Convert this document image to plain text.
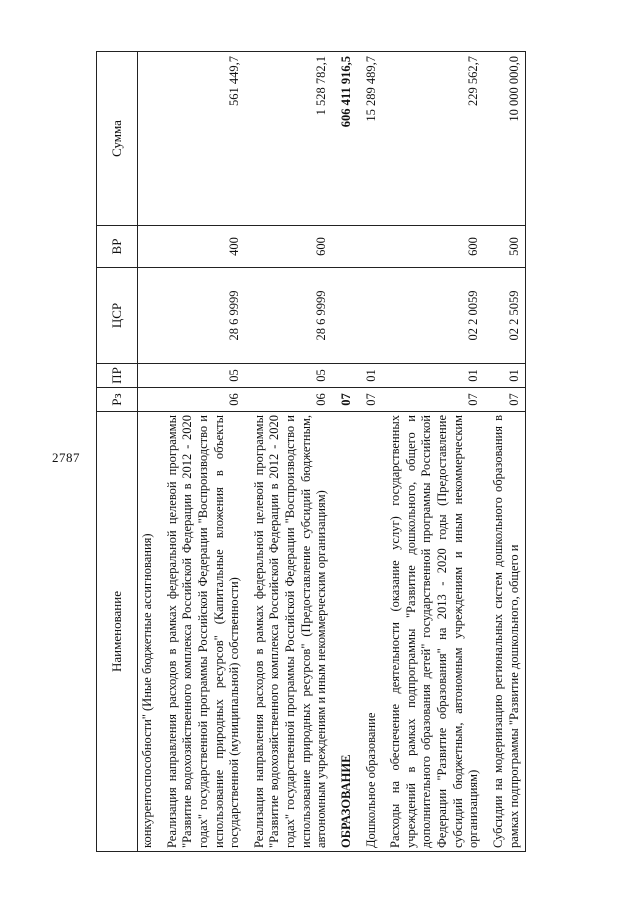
2787
Наименование	Рз	ПР	ЦСР	ВР	Сумма
конкурентоспособности" (Иные бюджетные ассигнования)					
Реализация направления расходов в рамках федеральной целевой программы "Развитие водохозяйственного комплекса Российской Федерации в 2012 - 2020 годах" государственной программы Российской Федерации "Воспроизводство и использование природных ресурсов" (Капитальные вложения в объекты государственной (муниципальной) собственности)	06	05	28 6 9999	400	561 449,7
Реализация направления расходов в рамках федеральной целевой программы "Развитие водохозяйственного комплекса Российской Федерации в 2012 - 2020 годах" государственной программы Российской Федерации "Воспроизводство и использование природных ресурсов" (Предоставление субсидий бюджетным, автономным учреждениям и иным некоммерческим организациям)	06	05	28 6 9999	600	1 528 782,1
ОБРАЗОВАНИЕ	07				606 411 916,5
Дошкольное образование	07	01			15 289 489,7
Расходы на обеспечение деятельности (оказание услуг) государственных учреждений в рамках подпрограммы "Развитие дошкольного, общего и дополнительного образования детей" государственной программы Российской Федерации "Развитие образования" на 2013 - 2020 годы (Предоставление субсидий бюджетным, автономным учреждениям и иным некоммерческим организациям)	07	01	02 2 0059	600	229 562,7
Субсидии на модернизацию региональных систем дошкольного образования в рамках подпрограммы "Развитие дошкольного, общего и	07	01	02 2 5059	500	10 000 000,0
